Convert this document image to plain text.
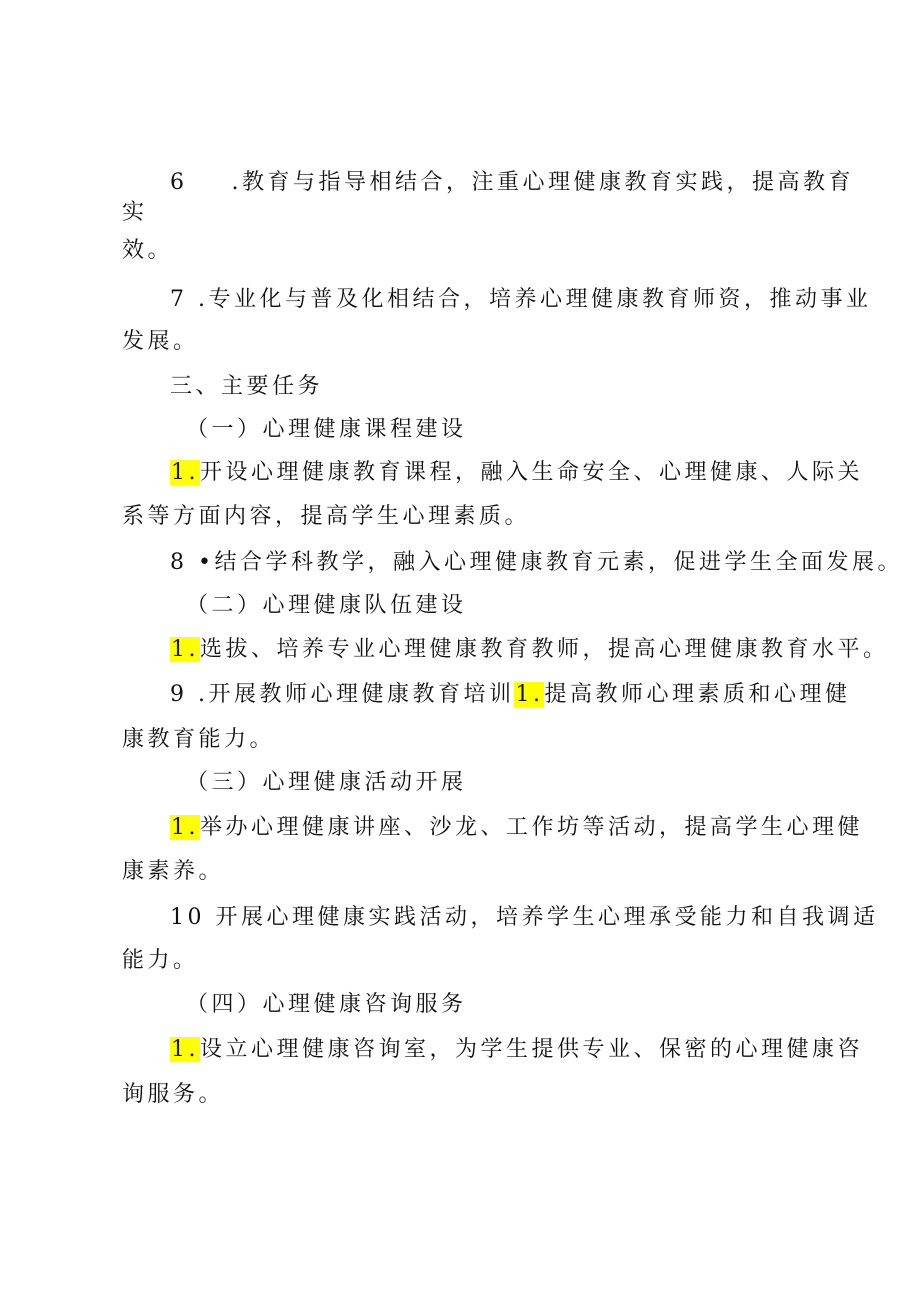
6 .教育与指导相结合，注重心理健康教育实践，提高教育
实
效。
7 .专业化与普及化相结合，培养心理健康教育师资，推动事业
发展。
三、主要任务
（一）心理健康课程建设
1.开设心理健康教育课程，融入生命安全、心理健康、人际关
系等方面内容，提高学生心理素质。
8 •结合学科教学，融入心理健康教育元素，促进学生全面发展。
（二）心理健康队伍建设
1.选拔、培养专业心理健康教育教师，提高心理健康教育水平。
9 .开展教师心理健康教育培训1.提高教师心理素质和心理健
康教育能力。
（三）心理健康活动开展
1.举办心理健康讲座、沙龙、工作坊等活动，提高学生心理健
康素养。
10 开展心理健康实践活动，培养学生心理承受能力和自我调适
能力。
（四）心理健康咨询服务
1.设立心理健康咨询室，为学生提供专业、保密的心理健康咨
询服务。
